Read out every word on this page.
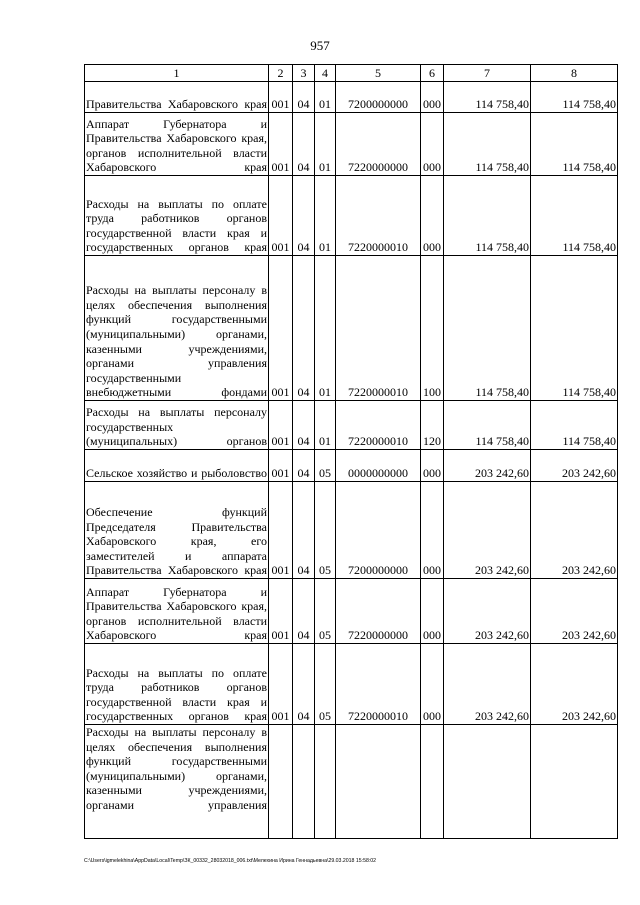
957
1	2	3	4	5	6	7	8
Правительства Хабаровского края	001	04	01	7200000000	000	114 758,40	114 758,40
Аппарат Губернатора и Правительства Хабаровского края, органов исполнительной власти Хабаровского края	001	04	01	7220000000	000	114 758,40	114 758,40
Расходы на выплаты по оплате труда работников органов государственной власти края и государственных органов края	001	04	01	7220000010	000	114 758,40	114 758,40
Расходы на выплаты персоналу в целях обеспечения выполнения функций государственными (муниципальными) органами, казенными учреждениями, органами управления государственными внебюджетными фондами	001	04	01	7220000010	100	114 758,40	114 758,40
Расходы на выплаты персоналу государственных (муниципальных) органов	001	04	01	7220000010	120	114 758,40	114 758,40
Сельское хозяйство и рыболовство	001	04	05	0000000000	000	203 242,60	203 242,60
Обеспечение функций Председателя Правительства Хабаровского края, его заместителей и аппарата Правительства Хабаровского края	001	04	05	7200000000	000	203 242,60	203 242,60
Аппарат Губернатора и Правительства Хабаровского края, органов исполнительной власти Хабаровского края	001	04	05	7220000000	000	203 242,60	203 242,60
Расходы на выплаты по оплате труда работников органов государственной власти края и государственных органов края	001	04	05	7220000010	000	203 242,60	203 242,60
Расходы на выплаты персоналу в целях обеспечения выполнения функций государственными (муниципальными) органами, казенными учреждениями, органами управления							
C:\Users\igmelekhina\AppData\Local\Temp\ЗК_00332_28032018_006.txt\Мелехина Ирина Геннадьевна\29.03.2018 15:58:02
